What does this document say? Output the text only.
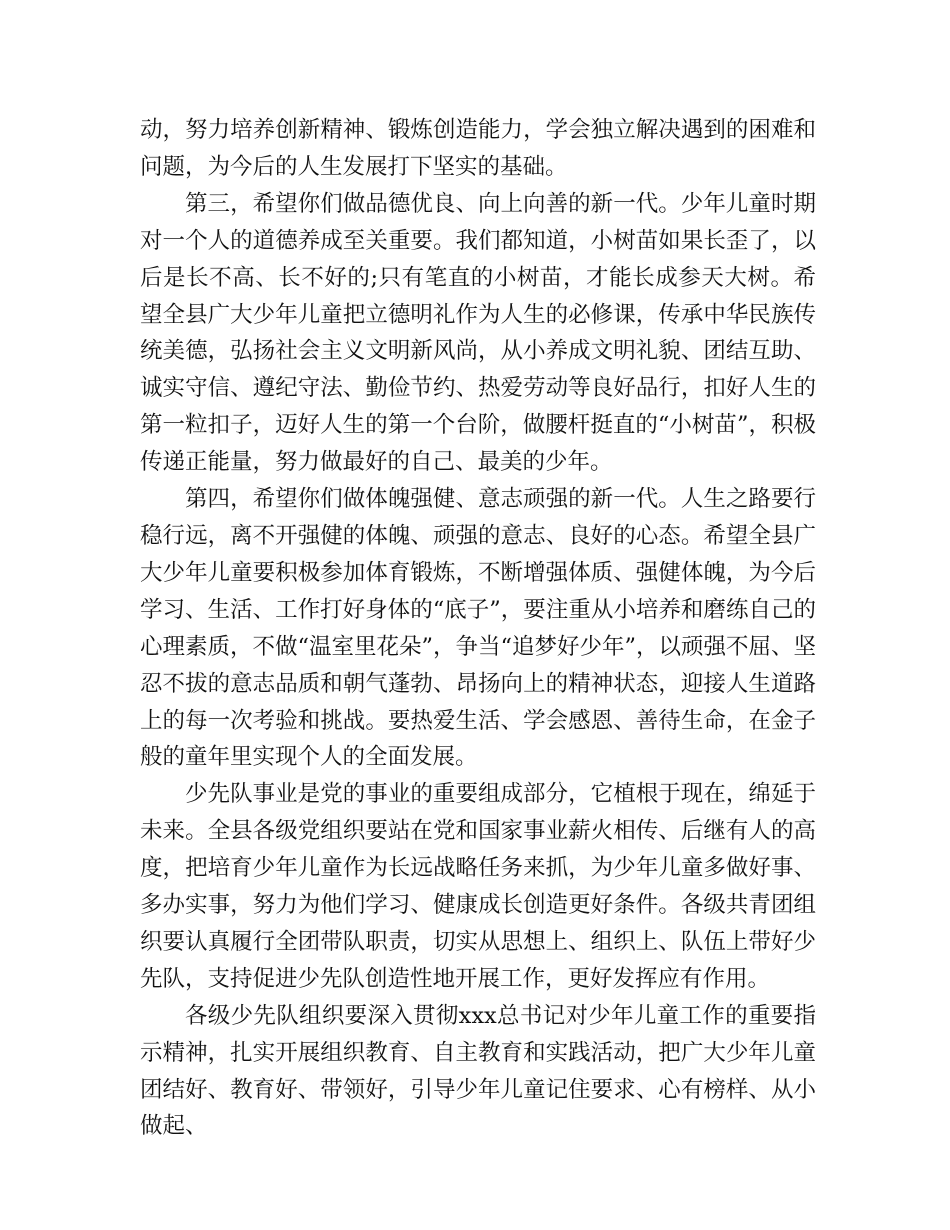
动，努力培养创新精神、锻炼创造能力，学会独立解决遇到的困难和问题，为今后的人生发展打下坚实的基础。

第三，希望你们做品德优良、向上向善的新一代。少年儿童时期对一个人的道德养成至关重要。我们都知道，小树苗如果长歪了，以后是长不高、长不好的;只有笔直的小树苗，才能长成参天大树。希望全县广大少年儿童把立德明礼作为人生的必修课，传承中华民族传统美德，弘扬社会主义文明新风尚，从小养成文明礼貌、团结互助、诚实守信、遵纪守法、勤俭节约、热爱劳动等良好品行，扣好人生的第一粒扣子，迈好人生的第一个台阶，做腰杆挺直的“小树苗”，积极传递正能量，努力做最好的自己、最美的少年。

第四，希望你们做体魄强健、意志顽强的新一代。人生之路要行稳行远，离不开强健的体魄、顽强的意志、良好的心态。希望全县广大少年儿童要积极参加体育锻炼，不断增强体质、强健体魄，为今后学习、生活、工作打好身体的“底子”，要注重从小培养和磨练自己的心理素质，不做“温室里花朵”，争当“追梦好少年”，以顽强不屈、坚忍不拔的意志品质和朝气蓬勃、昂扬向上的精神状态，迎接人生道路上的每一次考验和挑战。要热爱生活、学会感恩、善待生命，在金子般的童年里实现个人的全面发展。

少先队事业是党的事业的重要组成部分，它植根于现在，绵延于未来。全县各级党组织要站在党和国家事业薪火相传、后继有人的高度，把培育少年儿童作为长远战略任务来抓，为少年儿童多做好事、多办实事，努力为他们学习、健康成长创造更好条件。各级共青团组织要认真履行全团带队职责，切实从思想上、组织上、队伍上带好少先队，支持促进少先队创造性地开展工作，更好发挥应有作用。

各级少先队组织要深入贯彻xxx总书记对少年儿童工作的重要指示精神，扎实开展组织教育、自主教育和实践活动，把广大少年儿童团结好、教育好、带领好，引导少年儿童记住要求、心有榜样、从小做起、
